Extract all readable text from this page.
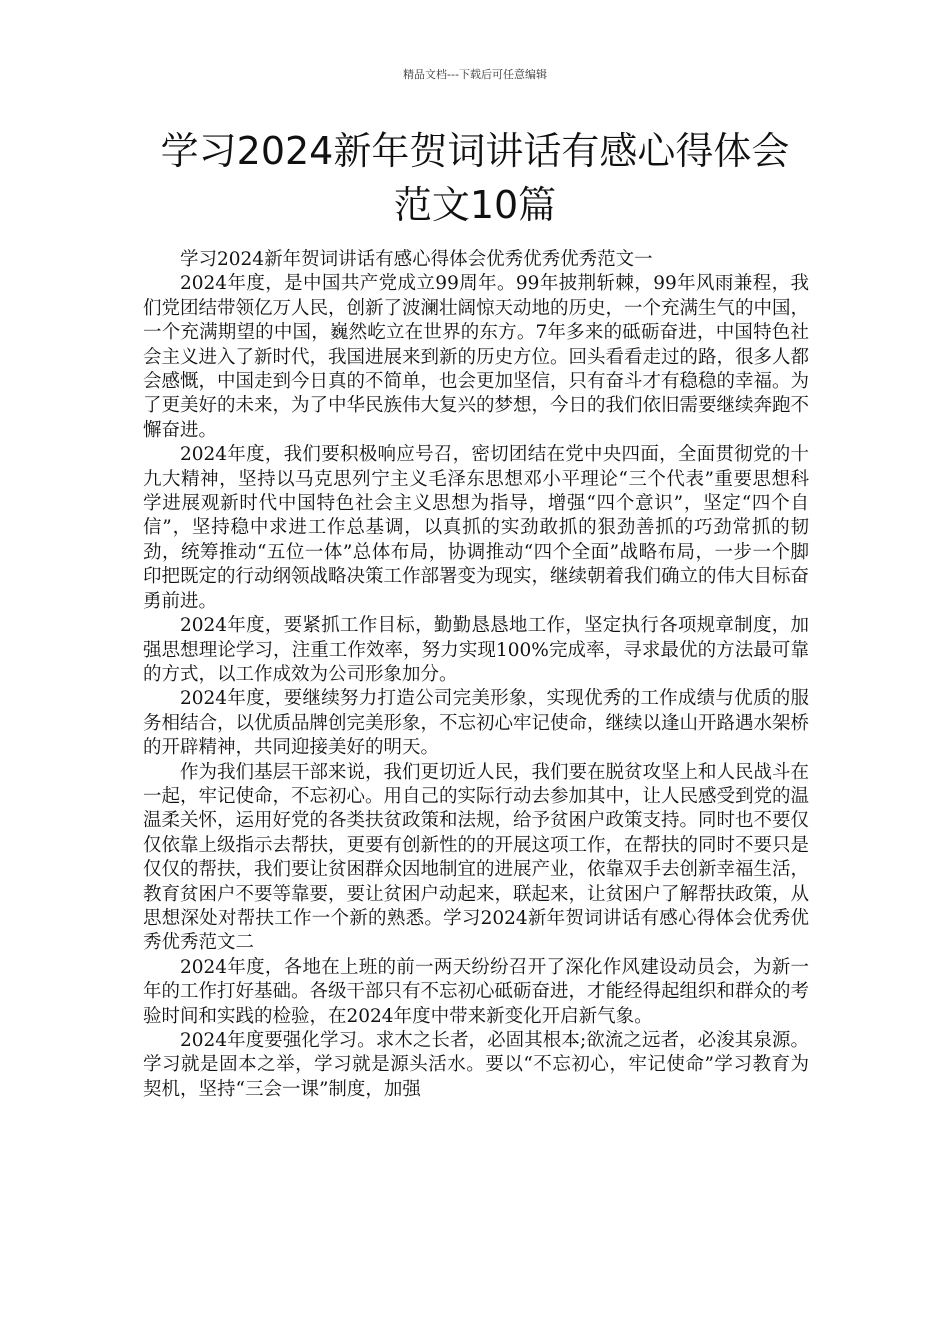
精品文档---下载后可任意编辑
学习2024新年贺词讲话有感心得体会
范文10篇

学习2024新年贺词讲话有感心得体会优秀优秀优秀范文一

2024年度，是中国共产党成立99周年。99年披荆斩棘，99年风雨兼程，我们党团结带领亿万人民，创新了波澜壮阔惊天动地的历史，一个充满生气的中国，一个充满期望的中国，巍然屹立在世界的东方。7年多来的砥砺奋进，中国特色社会主义进入了新时代，我国进展来到新的历史方位。回头看看走过的路，很多人都会感慨，中国走到今日真的不简单，也会更加坚信，只有奋斗才有稳稳的幸福。为了更美好的未来，为了中华民族伟大复兴的梦想，今日的我们依旧需要继续奔跑不懈奋进。

2024年度，我们要积极响应号召，密切团结在党中央四面，全面贯彻党的十九大精神，坚持以马克思列宁主义毛泽东思想邓小平理论“三个代表”重要思想科学进展观新时代中国特色社会主义思想为指导，增强“四个意识”，坚定“四个自信”，坚持稳中求进工作总基调，以真抓的实劲敢抓的狠劲善抓的巧劲常抓的韧劲，统筹推动“五位一体”总体布局，协调推动“四个全面”战略布局，一步一个脚印把既定的行动纲领战略决策工作部署变为现实，继续朝着我们确立的伟大目标奋勇前进。

2024年度，要紧抓工作目标，勤勤恳恳地工作，坚定执行各项规章制度，加强思想理论学习，注重工作效率，努力实现100%完成率，寻求最优的方法最可靠的方式，以工作成效为公司形象加分。

2024年度，要继续努力打造公司完美形象，实现优秀的工作成绩与优质的服务相结合，以优质品牌创完美形象，不忘初心牢记使命，继续以逢山开路遇水架桥的开辟精神，共同迎接美好的明天。

作为我们基层干部来说，我们更切近人民，我们要在脱贫攻坚上和人民战斗在一起，牢记使命，不忘初心。用自己的实际行动去参加其中，让人民感受到党的温温柔关怀，运用好党的各类扶贫政策和法规，给予贫困户政策支持。同时也不要仅仅依靠上级指示去帮扶，更要有创新性的的开展这项工作，在帮扶的同时不要只是仅仅的帮扶，我们要让贫困群众因地制宜的进展产业，依靠双手去创新幸福生活，教育贫困户不要等靠要，要让贫困户动起来，联起来，让贫困户了解帮扶政策，从思想深处对帮扶工作一个新的熟悉。学习2024新年贺词讲话有感心得体会优秀优秀优秀范文二

2024年度，各地在上班的前一两天纷纷召开了深化作风建设动员会，为新一年的工作打好基础。各级干部只有不忘初心砥砺奋进，才能经得起组织和群众的考验时间和实践的检验，在2024年度中带来新变化开启新气象。

2024年度要强化学习。求木之长者，必固其根本;欲流之远者，必浚其泉源。学习就是固本之举，学习就是源头活水。要以“不忘初心，牢记使命”学习教育为契机，坚持“三会一课”制度，加强
